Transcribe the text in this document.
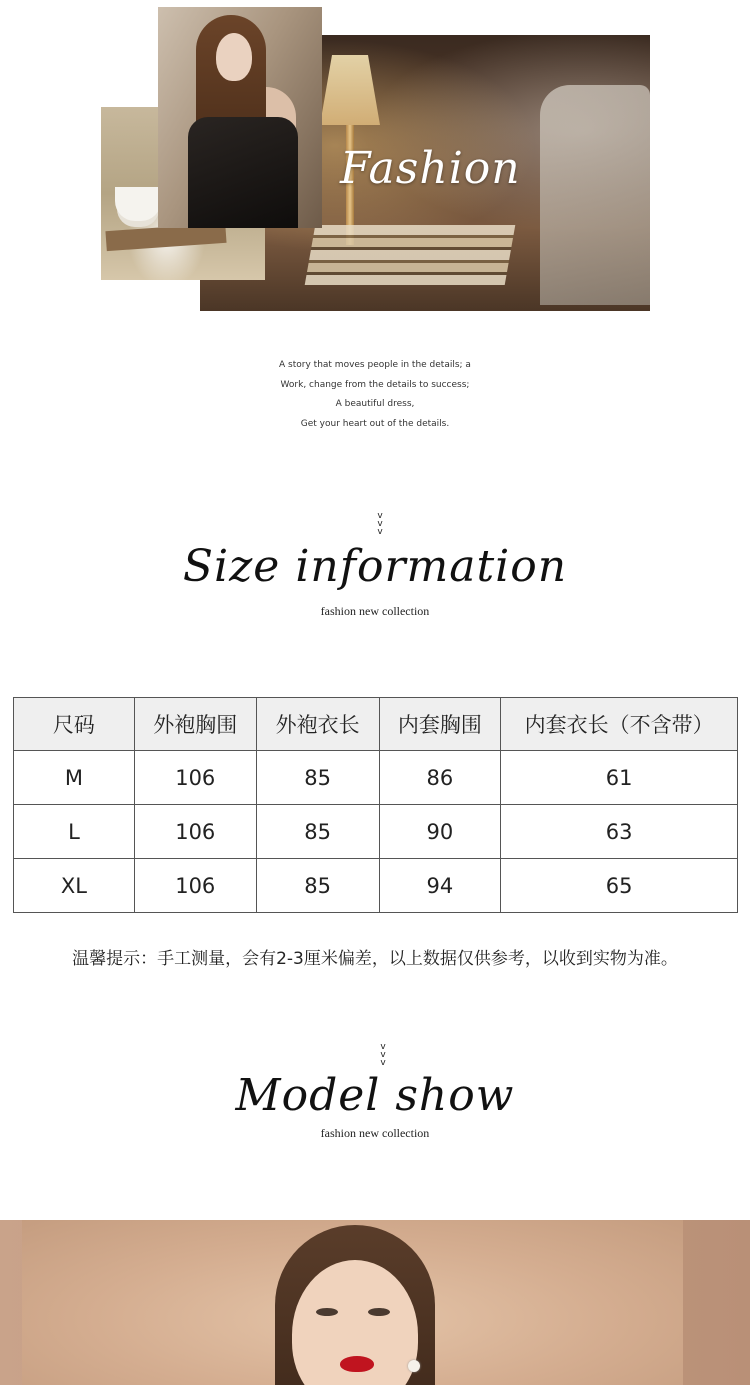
Fashion

A story that moves people in the details; a

Work, change from the details to success;

A beautiful dress,

Get your heart out of the details.

v
v
v
Size information
fashion new collection
尺码	外袍胸围	外袍衣长	内套胸围	内套衣长（不含带）
M	106	85	86	61
L	106	85	90	63
XL	106	85	94	65
温馨提示：手工测量，会有2-3厘米偏差，以上数据仅供参考，以收到实物为准。
v
v
v
Model show
fashion new collection
